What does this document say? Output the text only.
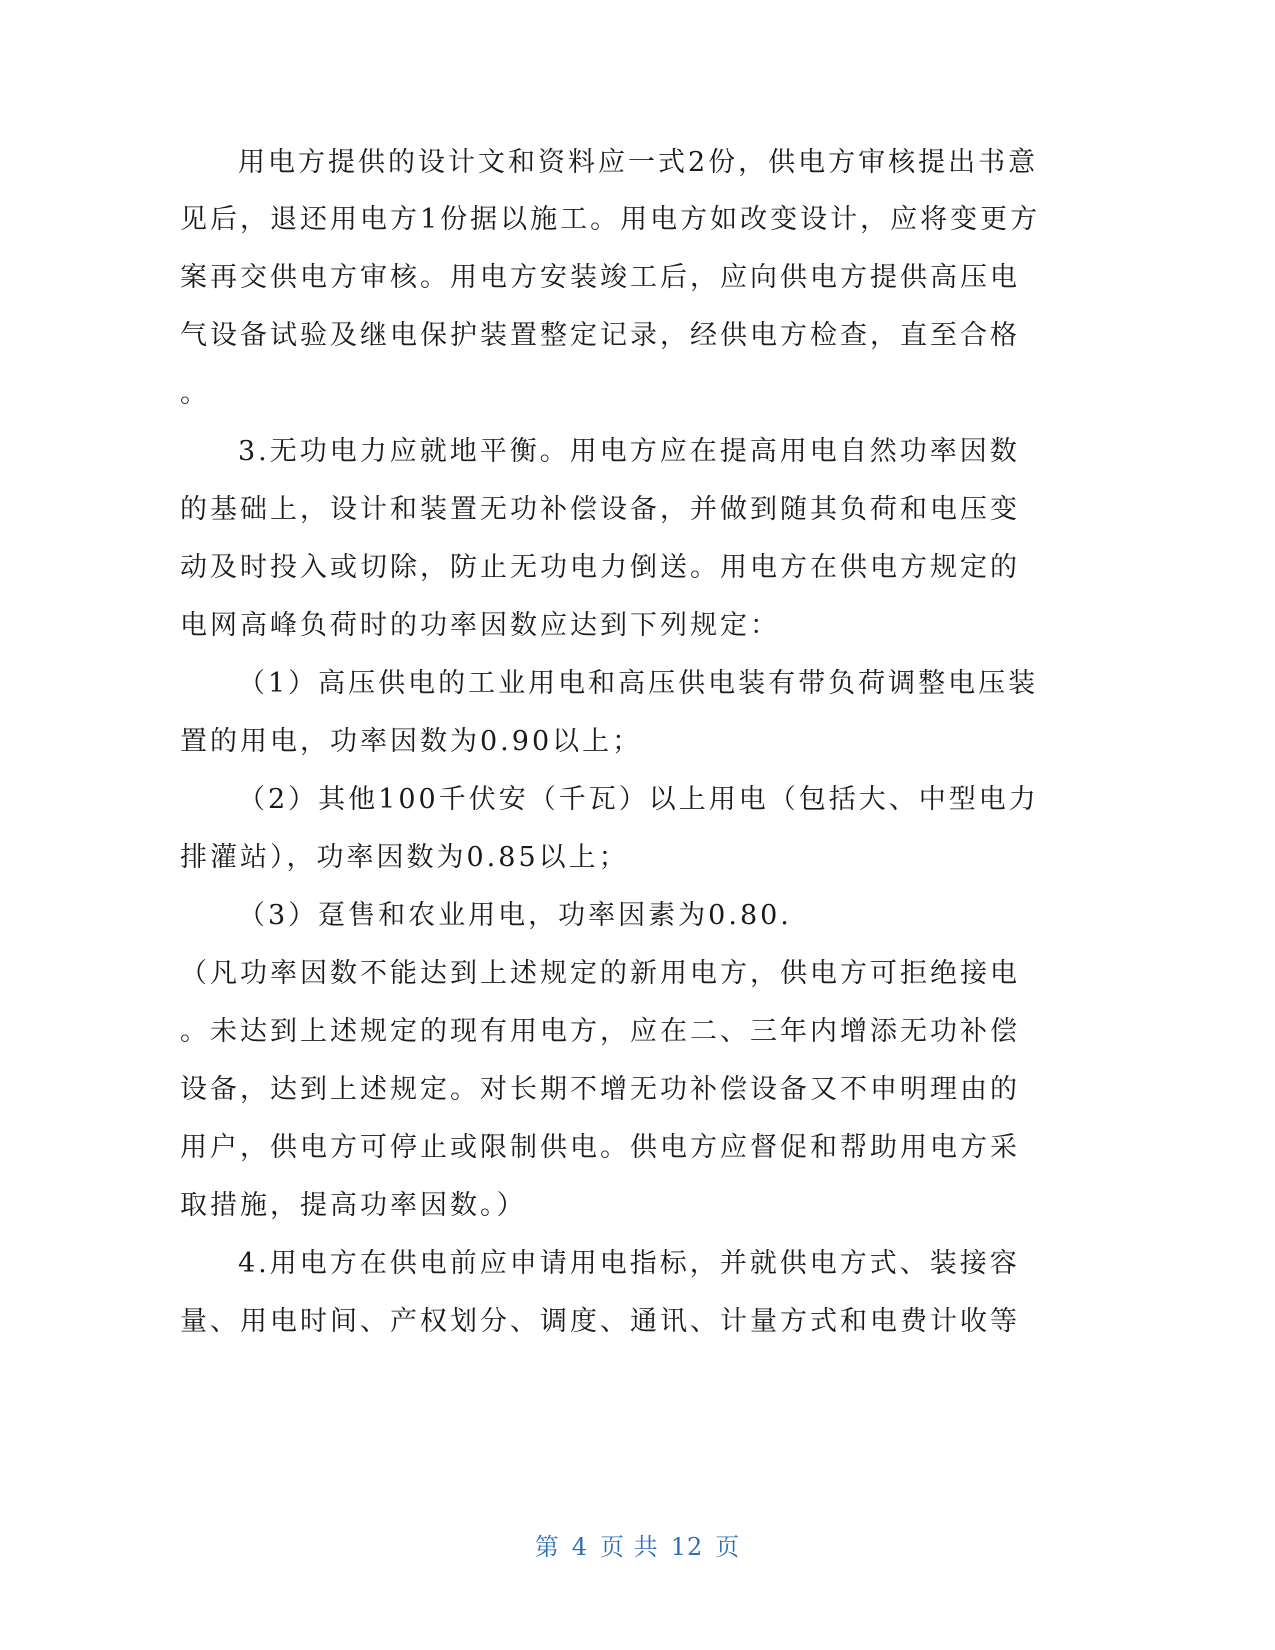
用电方提供的设计文和资料应一式2份，供电方审核提出书意
见后，退还用电方1份据以施工。用电方如改变设计，应将变更方
案再交供电方审核。用电方安装竣工后，应向供电方提供高压电
气设备试验及继电保护装置整定记录，经供电方检查，直至合格
。
3.无功电力应就地平衡。用电方应在提高用电自然功率因数
的基础上，设计和装置无功补偿设备，并做到随其负荷和电压变
动及时投入或切除，防止无功电力倒送。用电方在供电方规定的
电网高峰负荷时的功率因数应达到下列规定：
（1）高压供电的工业用电和高压供电装有带负荷调整电压装
置的用电，功率因数为0.90以上；
（2）其他100千伏安（千瓦）以上用电（包括大、中型电力
排灌站），功率因数为0.85以上；
（3）趸售和农业用电，功率因素为0.80.
（凡功率因数不能达到上述规定的新用电方，供电方可拒绝接电
。未达到上述规定的现有用电方，应在二、三年内增添无功补偿
设备，达到上述规定。对长期不增无功补偿设备又不申明理由的
用户，供电方可停止或限制供电。供电方应督促和帮助用电方采
取措施，提高功率因数。）
4.用电方在供电前应申请用电指标，并就供电方式、装接容
量、用电时间、产权划分、调度、通讯、计量方式和电费计收等
第 4 页 共 12 页
